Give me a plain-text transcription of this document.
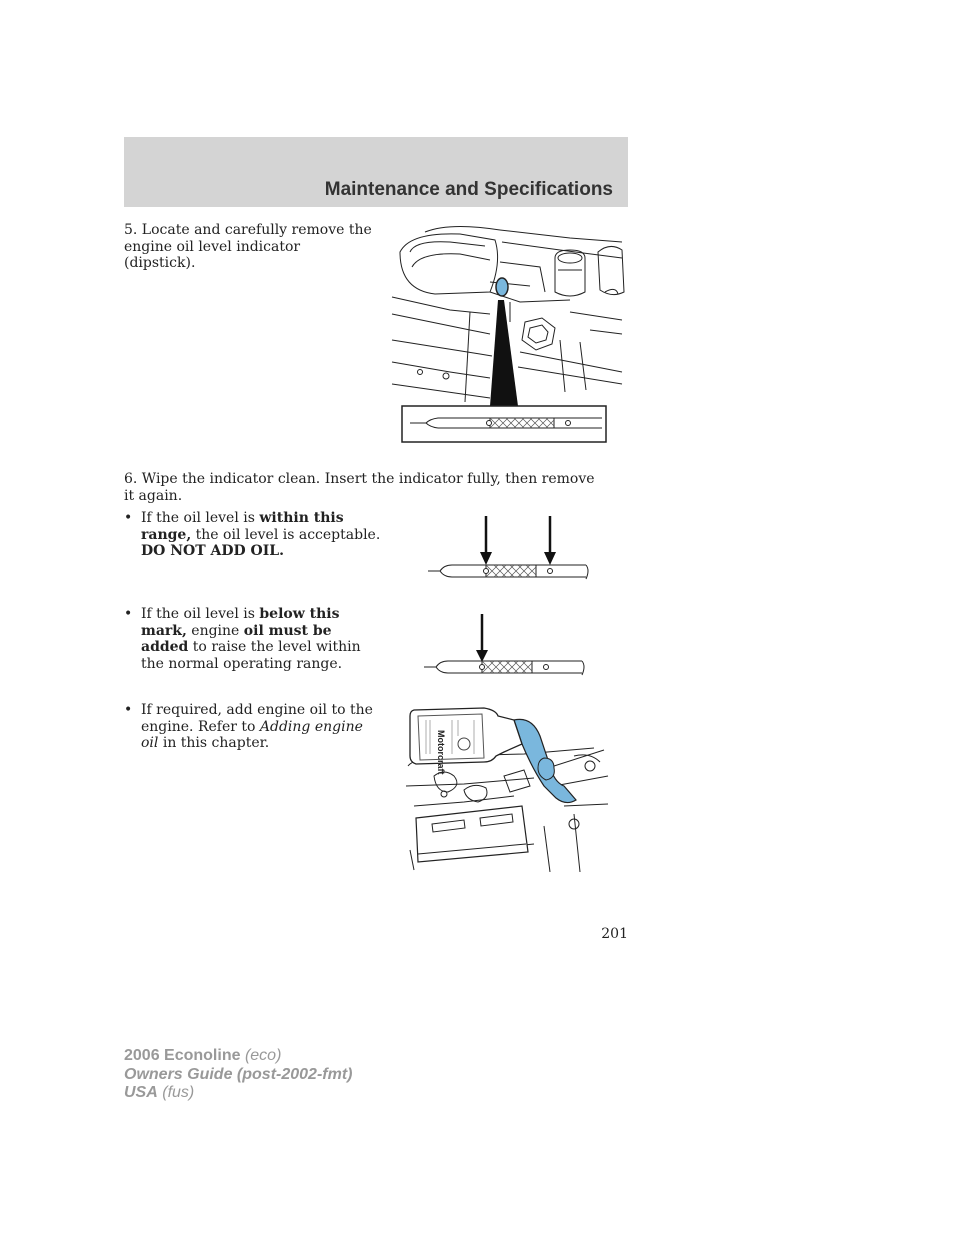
Maintenance and Specifications
5. Locate and carefully remove the engine oil level indicator (dipstick).
6. Wipe the indicator clean. Insert the indicator fully, then remove it again.
• If the oil level is within this range, the oil level is acceptable. DO NOT ADD OIL.
• If the oil level is below this mark, engine oil must be added to raise the level within the normal operating range.
• If required, add engine oil to the engine. Refer to Adding engine oil in this chapter.	Motorcraft
201
2006 Econoline (eco)
Owners Guide (post-2002-fmt)
USA (fus)
